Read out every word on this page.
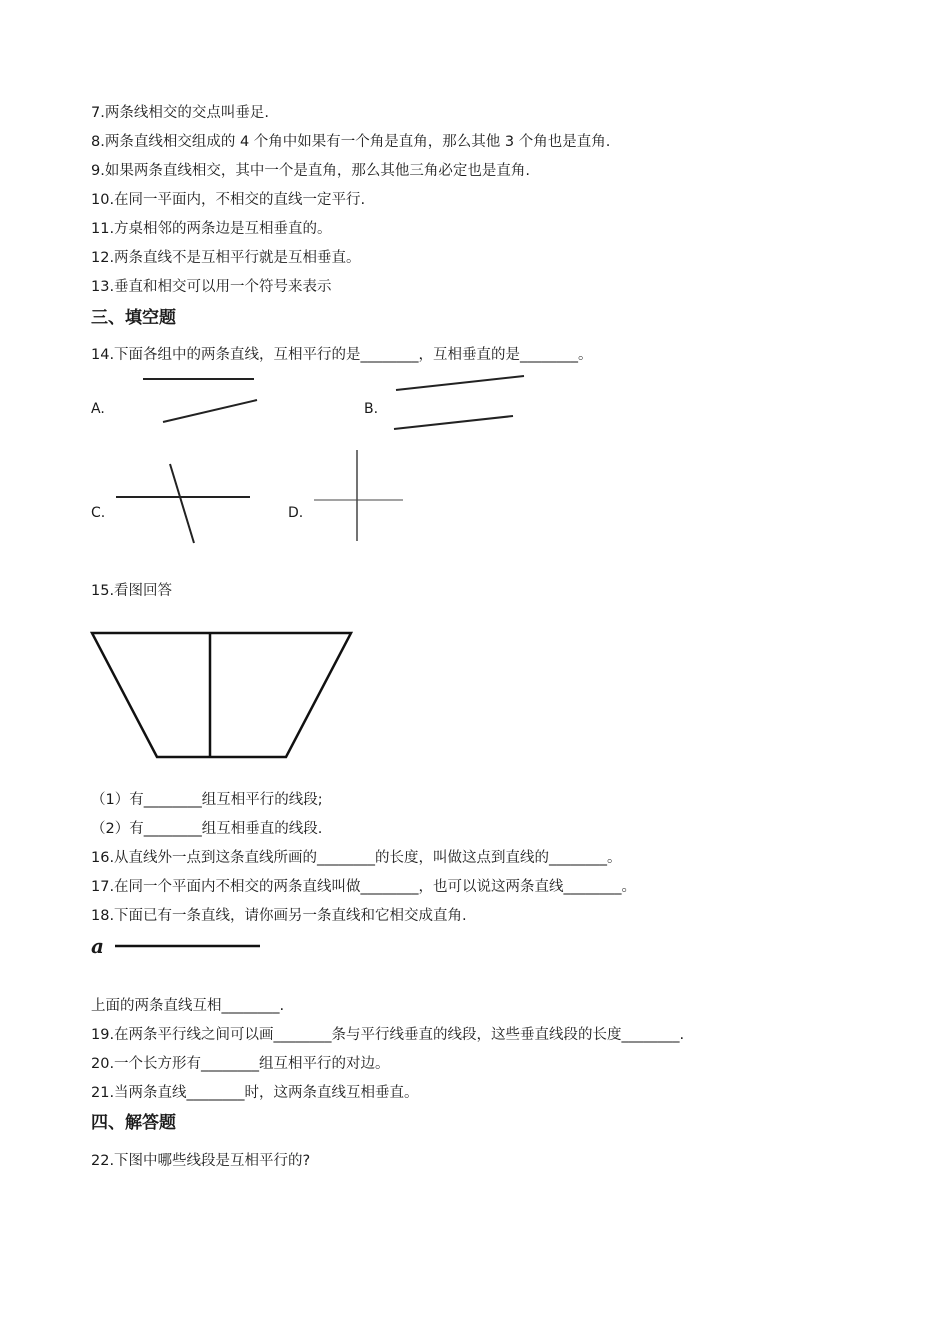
7.两条线相交的交点叫垂足.
8.两条直线相交组成的 4 个角中如果有一个角是直角，那么其他 3 个角也是直角.
9.如果两条直线相交，其中一个是直角，那么其他三角必定也是直角.
10.在同一平面内，不相交的直线一定平行.
11.方桌相邻的两条边是互相垂直的。
12.两条直线不是互相平行就是互相垂直。
13.垂直和相交可以用一个符号来表示
三、填空题
14.下面各组中的两条直线，互相平行的是________，互相垂直的是________。
A.	B.
C.	D.
15.看图回答
（1）有________组互相平行的线段;
（2）有________组互相垂直的线段.
16.从直线外一点到这条直线所画的________的长度，叫做这点到直线的________。
17.在同一个平面内不相交的两条直线叫做________，也可以说这两条直线________。
18.下面已有一条直线，请你画另一条直线和它相交成直角.
a
上面的两条直线互相________.
19.在两条平行线之间可以画________条与平行线垂直的线段，这些垂直线段的长度________.
20.一个长方形有________组互相平行的对边。
21.当两条直线________时，这两条直线互相垂直。
四、解答题
22.下图中哪些线段是互相平行的?
